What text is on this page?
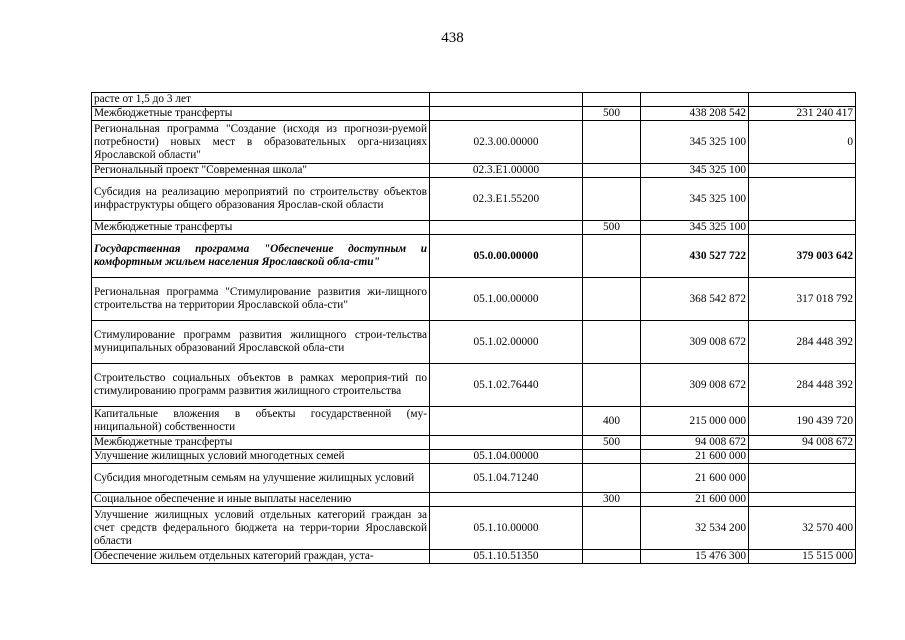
438
расте от 1,5 до 3 лет				
Межбюджетные трансферты		500	438 208 542	231 240 417
Региональная программа "Создание (исходя из прогнози-руемой потребности) новых мест в образовательных орга-низациях Ярославской области"	02.3.00.00000		345 325 100	0
Региональный проект "Современная школа"	02.3.Е1.00000		345 325 100	
Субсидия на реализацию мероприятий по строительству объектов инфраструктуры общего образования Ярослав-ской области	02.3.Е1.55200		345 325 100	
Межбюджетные трансферты		500	345 325 100	
Государственная программа "Обеспечение доступным и комфортным жильем населения Ярославской обла-сти"	05.0.00.00000		430 527 722	379 003 642
Региональная программа "Стимулирование развития жи-лищного строительства на территории Ярославской обла-сти"	05.1.00.00000		368 542 872	317 018 792
Стимулирование программ развития жилищного строи-тельства муниципальных образований Ярославской обла-сти	05.1.02.00000		309 008 672	284 448 392
Строительство социальных объектов в рамках мероприя-тий по стимулированию программ развития жилищного строительства	05.1.02.76440		309 008 672	284 448 392
Капитальные вложения в объекты государственной (му-ниципальной) собственности		400	215 000 000	190 439 720
Межбюджетные трансферты		500	94 008 672	94 008 672
Улучшение жилищных условий многодетных семей	05.1.04.00000		21 600 000	
Субсидия многодетным семьям на улучшение жилищных условий	05.1.04.71240		21 600 000	
Социальное обеспечение и иные выплаты населению		300	21 600 000	
Улучшение жилищных условий отдельных категорий граждан за счет средств федерального бюджета на терри-тории Ярославской области	05.1.10.00000		32 534 200	32 570 400
Обеспечение жильем отдельных категорий граждан, уста-	05.1.10.51350		15 476 300	15 515 000
